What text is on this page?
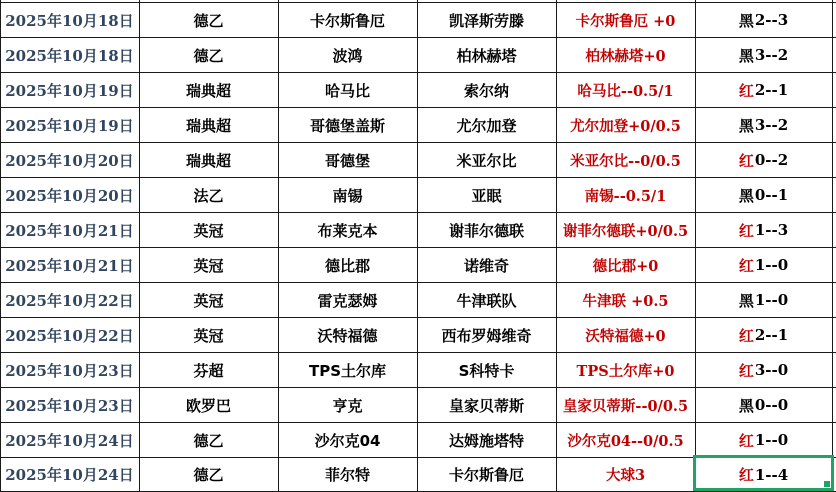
2025年10月18日	德乙	卡尔斯鲁厄	凯泽斯劳滕	卡尔斯鲁厄 +0	黑 2--3
2025年10月18日	德乙	波鸿	柏林赫塔	柏林赫塔+0	黑 3--2
2025年10月19日	瑞典超	哈马比	索尔纳	哈马比--0.5/1	红 2--1
2025年10月19日	瑞典超	哥德堡盖斯	尤尔加登	尤尔加登+0/0.5	黑 3--2
2025年10月20日	瑞典超	哥德堡	米亚尔比	米亚尔比--0/0.5	红 0--2
2025年10月20日	法乙	南锡	亚眠	南锡--0.5/1	黑 0--1
2025年10月21日	英冠	布莱克本	谢菲尔德联	谢菲尔德联+0/0.5	红 1--3
2025年10月21日	英冠	德比郡	诺维奇	德比郡+0	红 1--0
2025年10月22日	英冠	雷克瑟姆	牛津联队	牛津联 +0.5	黑 1--0
2025年10月22日	英冠	沃特福德	西布罗姆维奇	沃特福德+0	红 2--1
2025年10月23日	芬超	TPS土尔库	S科特卡	TPS土尔库+0	红 3--0
2025年10月23日	欧罗巴	亨克	皇家贝蒂斯	皇家贝蒂斯--0/0.5	黑 0--0
2025年10月24日	德乙	沙尔克04	达姆施塔特	沙尔克04--0/0.5	红 1--0
2025年10月24日	德乙	菲尔特	卡尔斯鲁厄	大球3	红 1--4
